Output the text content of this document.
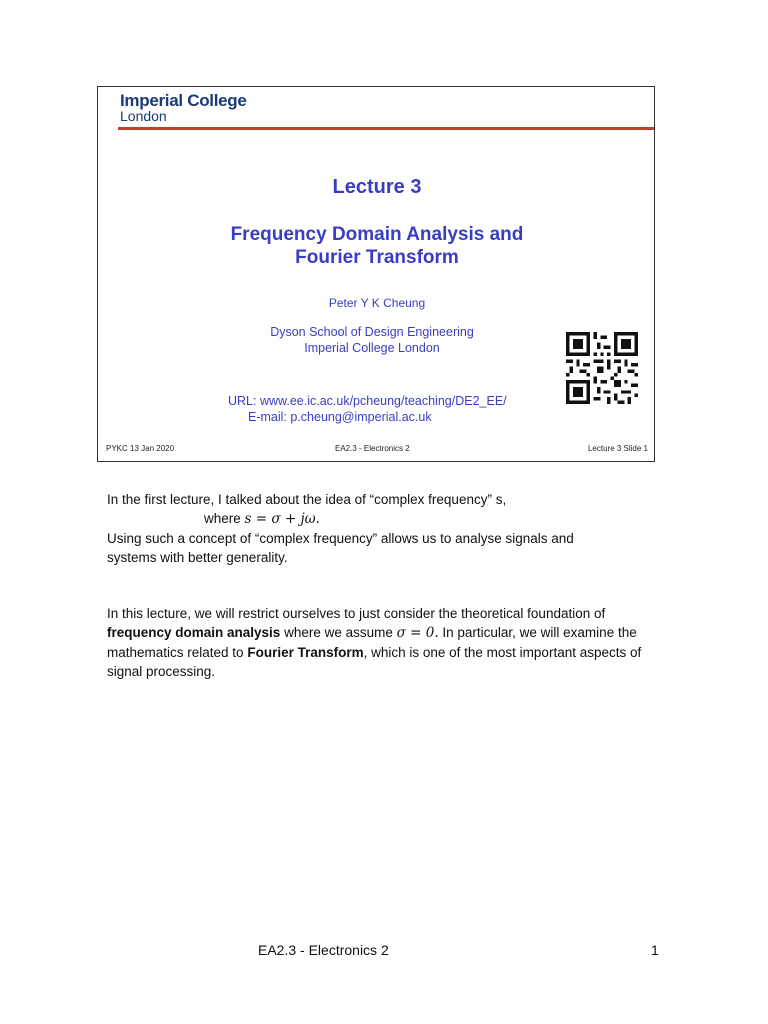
Imperial College
London
Lecture 3
Frequency Domain Analysis and
Fourier Transform
Peter Y K Cheung
Dyson School of Design Engineering
Imperial College London
URL: www.ee.ic.ac.uk/pcheung/teaching/DE2_EE/
E-mail: p.cheung@imperial.ac.uk
PYKC 13 Jan 2020	EA2.3 - Electronics 2	Lecture 3 Slide 1
In the first lecture, I talked about the idea of “complex frequency” s,
where s = σ + jω.
Using such a concept of “complex frequency” allows us to analyse signals and
systems with better generality.
In this lecture, we will restrict ourselves to just consider the theoretical foundation of frequency domain analysis where we assume σ = 0. In particular, we will examine the mathematics related to Fourier Transform, which is one of the most important aspects of signal processing.
EA2.3 - Electronics 2	1
